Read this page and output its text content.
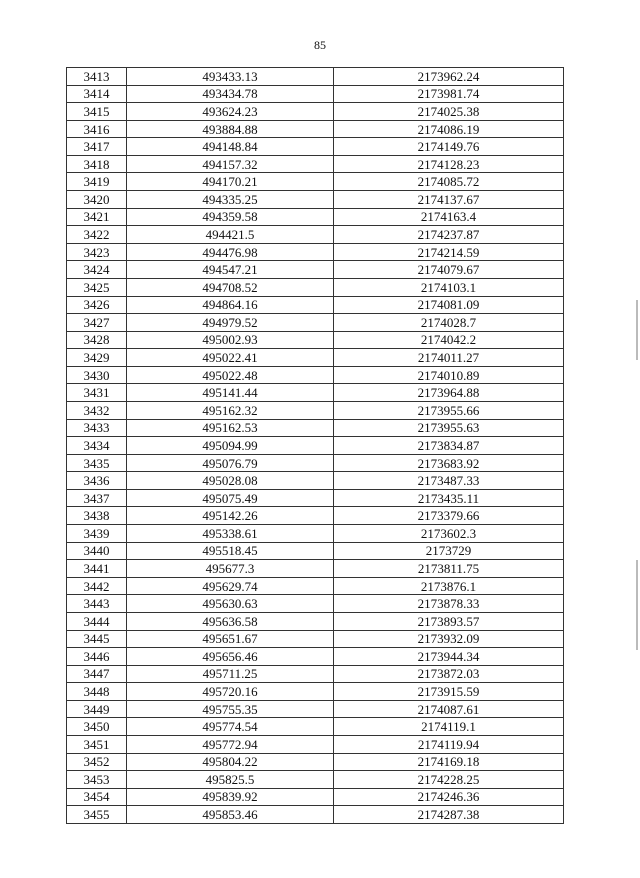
85
3413	493433.13	2173962.24
3414	493434.78	2173981.74
3415	493624.23	2174025.38
3416	493884.88	2174086.19
3417	494148.84	2174149.76
3418	494157.32	2174128.23
3419	494170.21	2174085.72
3420	494335.25	2174137.67
3421	494359.58	2174163.4
3422	494421.5	2174237.87
3423	494476.98	2174214.59
3424	494547.21	2174079.67
3425	494708.52	2174103.1
3426	494864.16	2174081.09
3427	494979.52	2174028.7
3428	495002.93	2174042.2
3429	495022.41	2174011.27
3430	495022.48	2174010.89
3431	495141.44	2173964.88
3432	495162.32	2173955.66
3433	495162.53	2173955.63
3434	495094.99	2173834.87
3435	495076.79	2173683.92
3436	495028.08	2173487.33
3437	495075.49	2173435.11
3438	495142.26	2173379.66
3439	495338.61	2173602.3
3440	495518.45	2173729
3441	495677.3	2173811.75
3442	495629.74	2173876.1
3443	495630.63	2173878.33
3444	495636.58	2173893.57
3445	495651.67	2173932.09
3446	495656.46	2173944.34
3447	495711.25	2173872.03
3448	495720.16	2173915.59
3449	495755.35	2174087.61
3450	495774.54	2174119.1
3451	495772.94	2174119.94
3452	495804.22	2174169.18
3453	495825.5	2174228.25
3454	495839.92	2174246.36
3455	495853.46	2174287.38
